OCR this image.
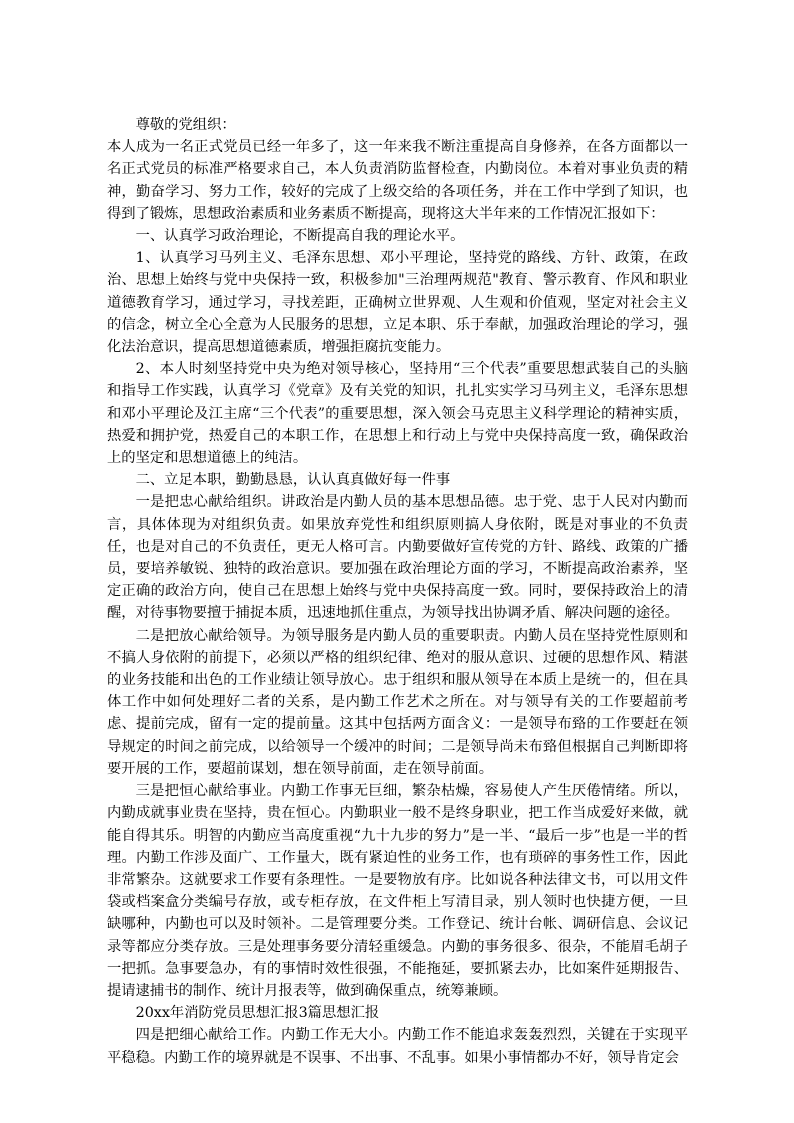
尊敬的党组织：

本人成为一名正式党员已经一年多了，这一年来我不断注重提高自身修养，在各方面都以一名正式党员的标准严格要求自己，本人负责消防监督检查，内勤岗位。本着对事业负责的精神，勤奋学习、努力工作，较好的完成了上级交给的各项任务，并在工作中学到了知识，也得到了锻炼，思想政治素质和业务素质不断提高，现将这大半年来的工作情况汇报如下：

一、认真学习政治理论，不断提高自我的理论水平。

1、认真学习马列主义、毛泽东思想、邓小平理论，坚持党的路线、方针、政策，在政治、思想上始终与党中央保持一致，积极参加"三治理两规范"教育、警示教育、作风和职业道德教育学习，通过学习，寻找差距，正确树立世界观、人生观和价值观，坚定对社会主义的信念，树立全心全意为人民服务的思想，立足本职、乐于奉献，加强政治理论的学习，强化法治意识，提高思想道德素质，增强拒腐抗变能力。

2、本人时刻坚持党中央为绝对领导核心，坚持用“三个代表”重要思想武装自己的头脑和指导工作实践，认真学习《党章》及有关党的知识，扎扎实实学习马列主义，毛泽东思想和邓小平理论及江主席“三个代表”的重要思想，深入领会马克思主义科学理论的精神实质，热爱和拥护党，热爱自己的本职工作，在思想上和行动上与党中央保持高度一致，确保政治上的坚定和思想道德上的纯洁。

二、立足本职，勤勤恳恳，认认真真做好每一件事

一是把忠心献给组织。讲政治是内勤人员的基本思想品德。忠于党、忠于人民对内勤而言，具体体现为对组织负责。如果放弃党性和组织原则搞人身依附，既是对事业的不负责任，也是对自己的不负责任，更无人格可言。内勤要做好宣传党的方针、路线、政策的广播员，要培养敏锐、独特的政治意识。要加强在政治理论方面的学习，不断提高政治素养，坚定正确的政治方向，使自己在思想上始终与党中央保持高度一致。同时，要保持政治上的清醒，对待事物要擅于捕捉本质，迅速地抓住重点，为领导找出协调矛盾、解决问题的途径。

二是把放心献给领导。为领导服务是内勤人员的重要职责。内勤人员在坚持党性原则和不搞人身依附的前提下，必须以严格的组织纪律、绝对的服从意识、过硬的思想作风、精湛的业务技能和出色的工作业绩让领导放心。忠于组织和服从领导在本质上是统一的，但在具体工作中如何处理好二者的关系，是内勤工作艺术之所在。对与领导有关的工作要超前考虑、提前完成，留有一定的提前量。这其中包括两方面含义：一是领导布臵的工作要赶在领导规定的时间之前完成，以给领导一个缓冲的时间；二是领导尚未布臵但根据自己判断即将要开展的工作，要超前谋划，想在领导前面，走在领导前面。

三是把恒心献给事业。内勤工作事无巨细，繁杂枯燥，容易使人产生厌倦情绪。所以，内勤成就事业贵在坚持，贵在恒心。内勤职业一般不是终身职业，把工作当成爱好来做，就能自得其乐。明智的内勤应当高度重视“九十九步的努力”是一半、“最后一步”也是一半的哲理。内勤工作涉及面广、工作量大，既有紧迫性的业务工作，也有琐碎的事务性工作，因此非常繁杂。这就要求工作要有条理性。一是要物放有序。比如说各种法律文书，可以用文件袋或档案盒分类编号存放，或专柜存放，在文件柜上写清目录，别人领时也快捷方便，一旦缺哪种，内勤也可以及时领补。二是管理要分类。工作登记、统计台帐、调研信息、会议记录等都应分类存放。三是处理事务要分清轻重缓急。内勤的事务很多、很杂，不能眉毛胡子一把抓。急事要急办，有的事情时效性很强，不能拖延，要抓紧去办，比如案件延期报告、提请逮捕书的制作、统计月报表等，做到确保重点，统筹兼顾。

20xx年消防党员思想汇报3篇思想汇报

四是把细心献给工作。内勤工作无大小。内勤工作不能追求轰轰烈烈，关键在于实现平平稳稳。内勤工作的境界就是不误事、不出事、不乱事。如果小事情都办不好，领导肯定会
